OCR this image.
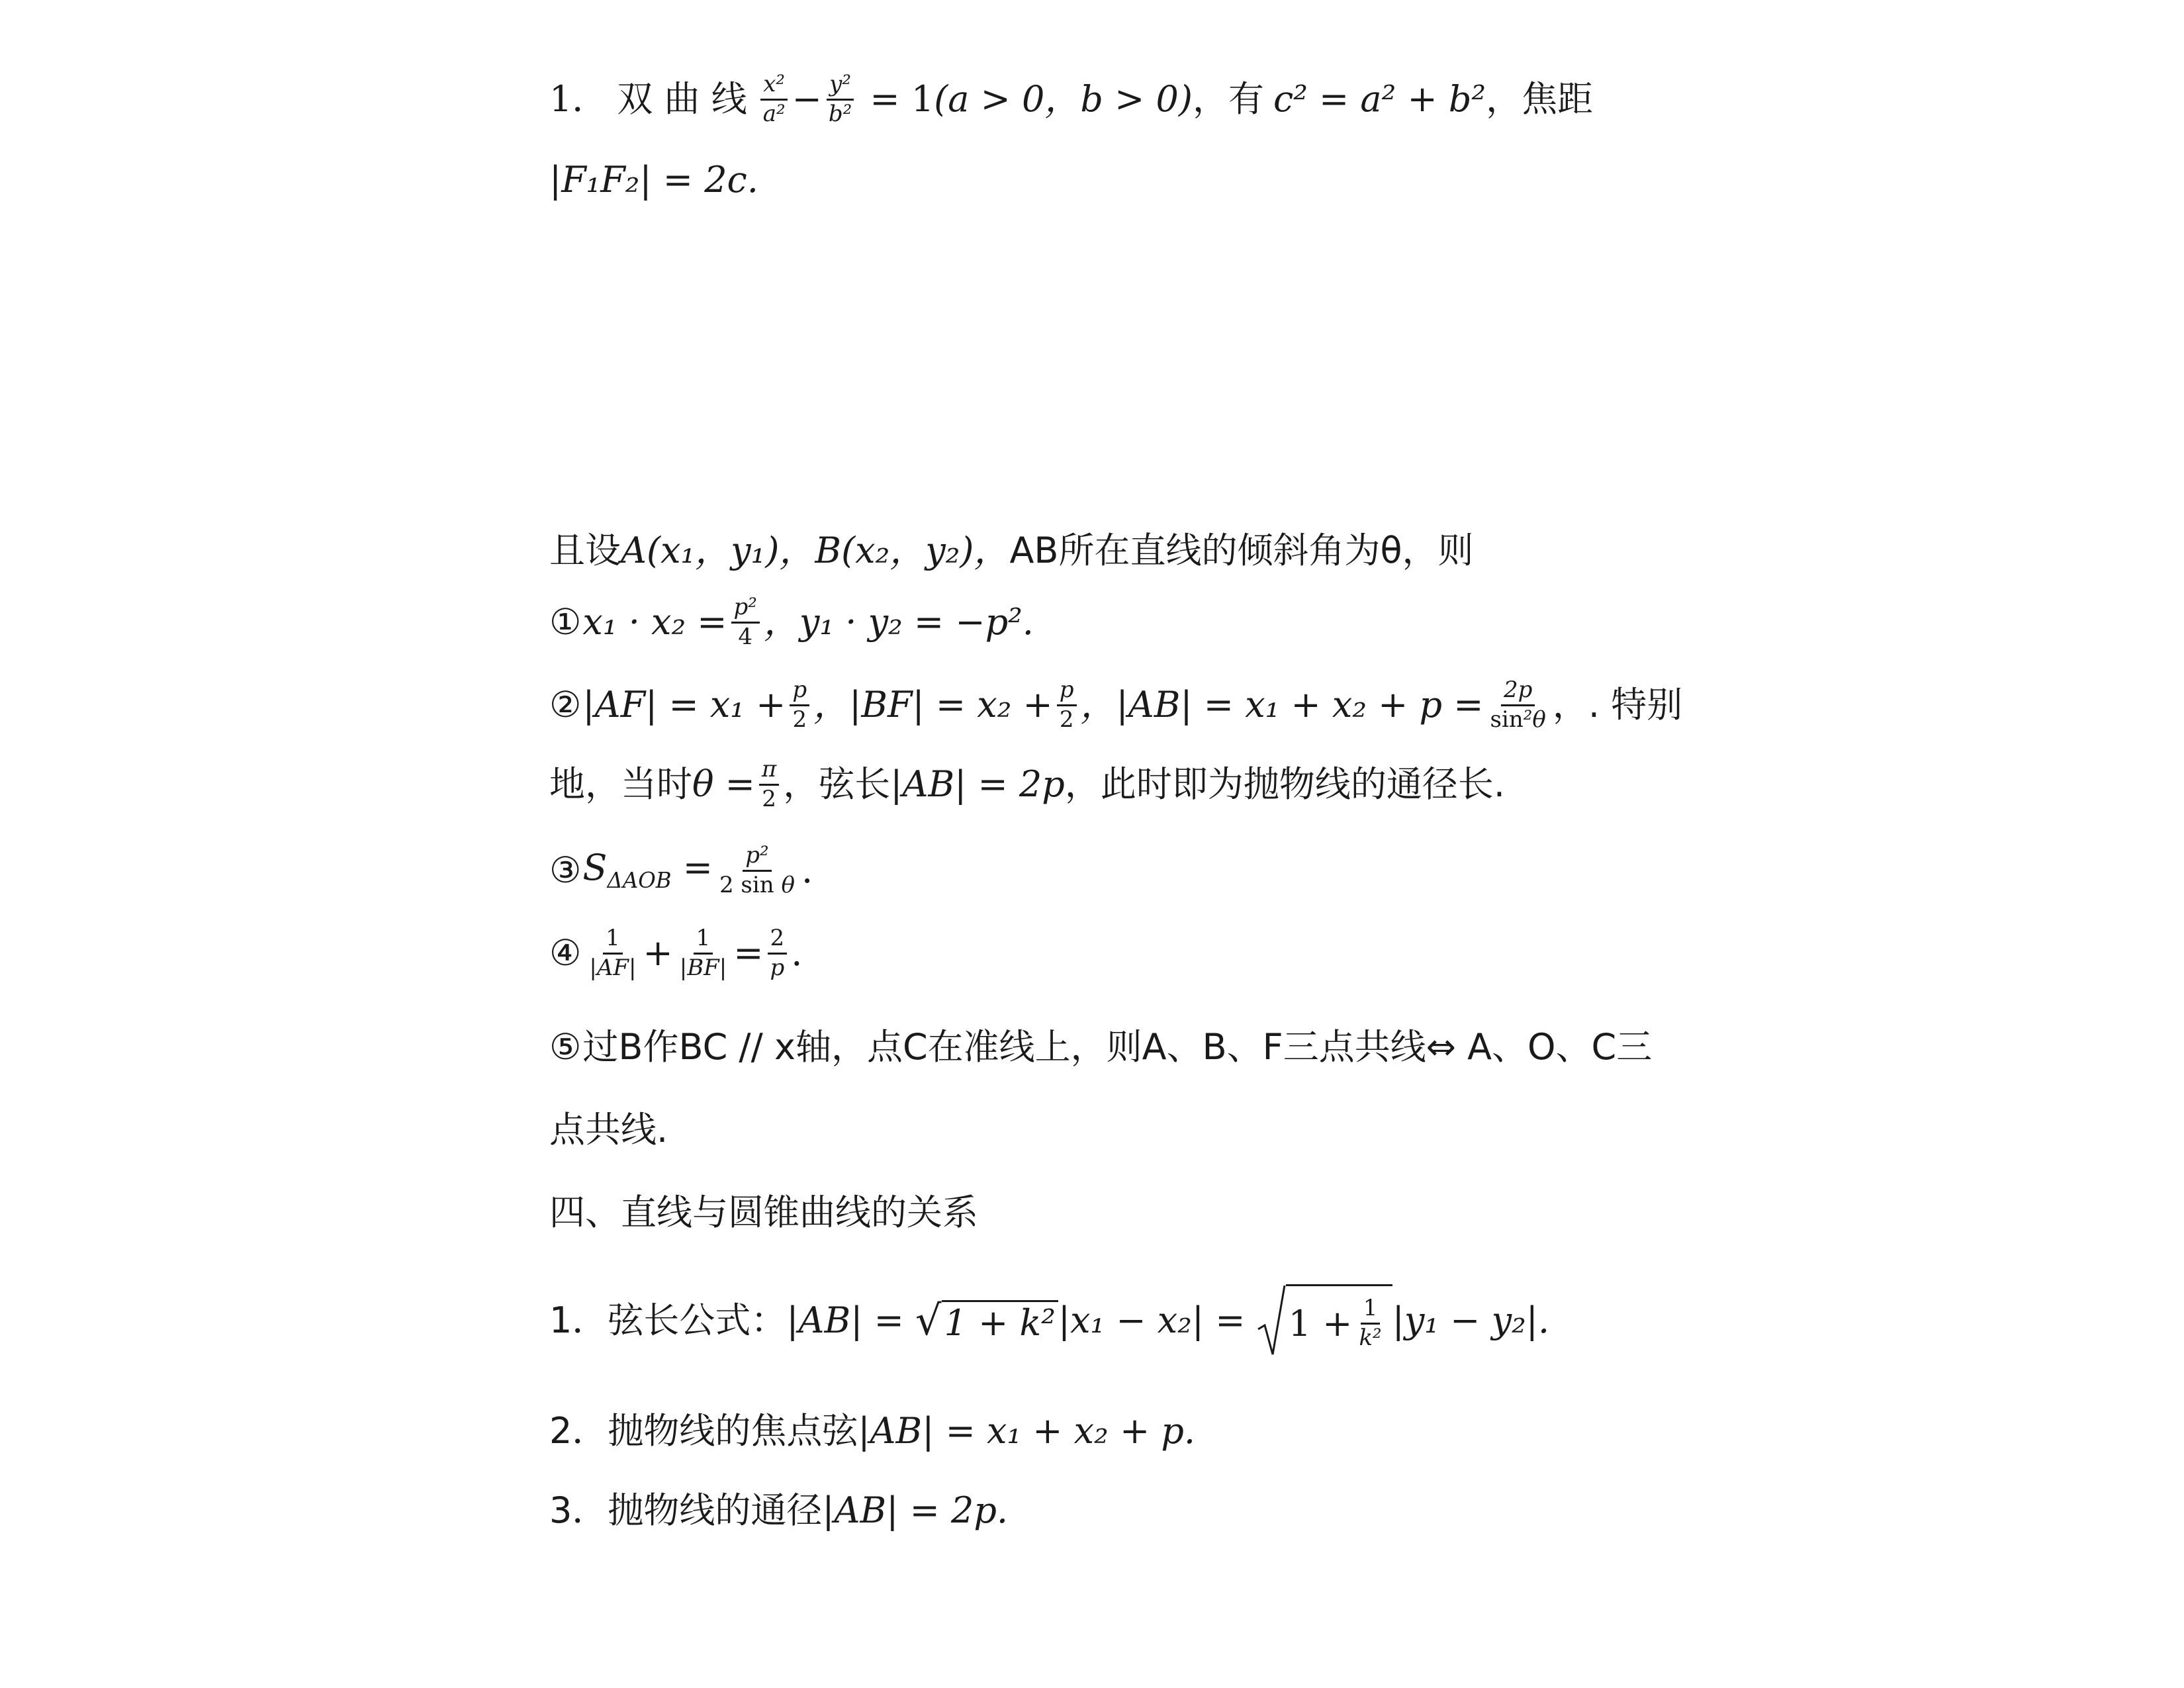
1． 双 曲 线 $\frac{\text{x²}}{\text{a²}} - \frac{\text{y²}}{\text{b²}} = 1$ (a > 0，b > 0) ，有 c² = a² + b² ，焦距
|F₁F₂| = 2c.
且设 A(x₁，y₁)， B(x₂，y₂)， AB所在直线的倾斜角为θ，则
① $x_1 \cdot x_2 = \frac{\text{p²}}{4}$ ，y₁ · y₂ = −p².
② $|AF| = x_1 + \frac{p}{2}$ ，$|BF| = x_2 + \frac{p}{2}$ ，$|AB| = x_1 + x_2 + p = \frac{2p}{\text{sin²θ}}$ ，. 特别
地，当时 $\theta = \frac{\pi}{2}$ ，弦长 |AB| = 2p ，此时即为抛物线的通径长.
③ $S_{\Delta AOB} = \frac{\text{p²}}{\text{2 sin θ}}$ .
④ $\frac{1}{|AF|} + \frac{1}{|BF|} = \frac{2}{p}$ .
⑤ 过B作BC // x轴，点C在准线上，则A、B、F三点共线⇔ A、O、C三
点共线.
四、直线与圆锥曲线的关系
1．弦长公式： |AB| = √ 1 + k² $|x_1 - x_2| = 1 + \frac{1}{\text{k²}} |y_1 - y_2|$.
2．抛物线的焦点弦 |AB| = x₁ + x₂ + p.
3．抛物线的通径 |AB| = 2p.
